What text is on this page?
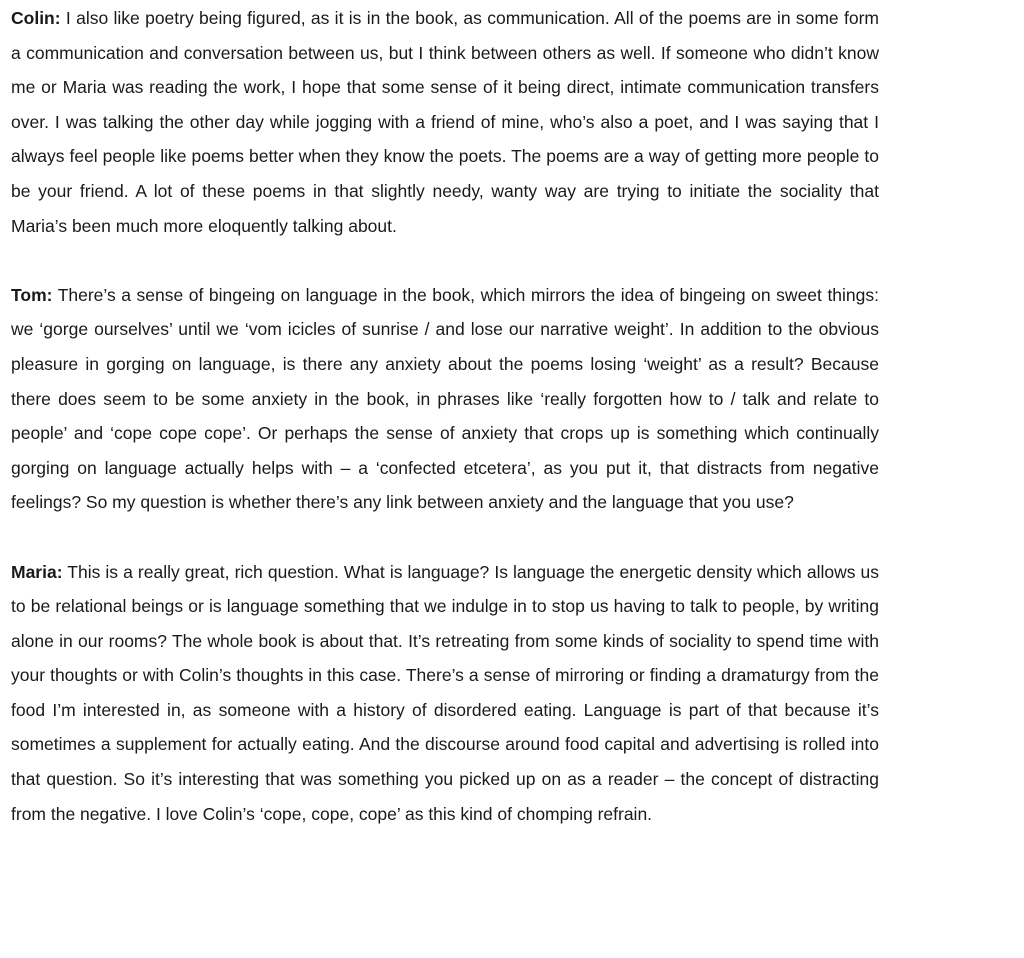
Colin: I also like poetry being figured, as it is in the book, as communication. All of the poems are in some form a communication and conversation between us, but I think between others as well. If someone who didn’t know me or Maria was reading the work, I hope that some sense of it being direct, intimate communication transfers over. I was talking the other day while jogging with a friend of mine, who’s also a poet, and I was saying that I always feel people like poems better when they know the poets. The poems are a way of getting more people to be your friend. A lot of these poems in that slightly needy, wanty way are trying to initiate the sociality that Maria’s been much more eloquently talking about.

Tom: There’s a sense of bingeing on language in the book, which mirrors the idea of bingeing on sweet things: we ‘gorge ourselves’ until we ‘vom icicles of sunrise / and lose our narrative weight’. In addition to the obvious pleasure in gorging on language, is there any anxiety about the poems losing ‘weight’ as a result? Because there does seem to be some anxiety in the book, in phrases like ‘really forgotten how to / talk and relate to people’ and ‘cope cope cope’. Or perhaps the sense of anxiety that crops up is something which continually gorging on language actually helps with – a ‘confected etcetera’, as you put it, that distracts from negative feelings? So my question is whether there’s any link between anxiety and the language that you use?

Maria: This is a really great, rich question. What is language? Is language the energetic density which allows us to be relational beings or is language something that we indulge in to stop us having to talk to people, by writing alone in our rooms? The whole book is about that. It’s retreating from some kinds of sociality to spend time with your thoughts or with Colin’s thoughts in this case. There’s a sense of mirroring or finding a dramaturgy from the food I’m interested in, as someone with a history of disordered eating. Language is part of that because it’s sometimes a supplement for actually eating. And the discourse around food capital and advertising is rolled into that question. So it’s interesting that was something you picked up on as a reader – the concept of distracting from the negative. I love Colin’s ‘cope, cope, cope’ as this kind of chomping refrain.
